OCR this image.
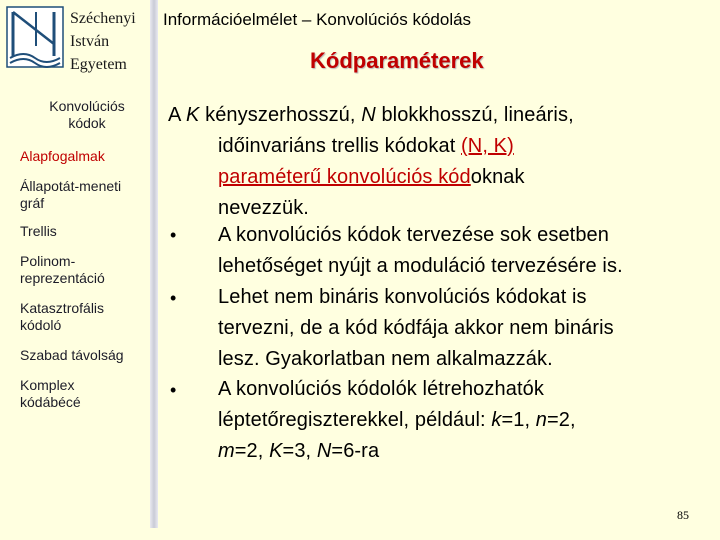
Széchenyi
István
Egyetem
Információelmélet – Konvolúciós kódolás
Kódparaméterek
Konvolúciós kódok
Alapfogalmak
Állapotát-meneti gráf
Trellis
Polinom-reprezentáció
Katasztrofális kódoló
Szabad távolság
Komplex kódábécé
A K kényszerhosszú, N blokkhosszú, lineáris,
időinvariáns trellis kódokat (N, K)
paraméterű konvolúciós kódoknak
nevezzük.
• A konvolúciós kódok tervezése sok esetben
lehetőséget nyújt a moduláció tervezésére is.
• Lehet nem bináris konvolúciós kódokat is
tervezni, de a kód kódfája akkor nem bináris
lesz. Gyakorlatban nem alkalmazzák.
• A konvolúciós kódolók létrehozhatók
léptetőregiszterekkel, például: k=1, n=2,
m=2, K=3, N=6-ra
85
